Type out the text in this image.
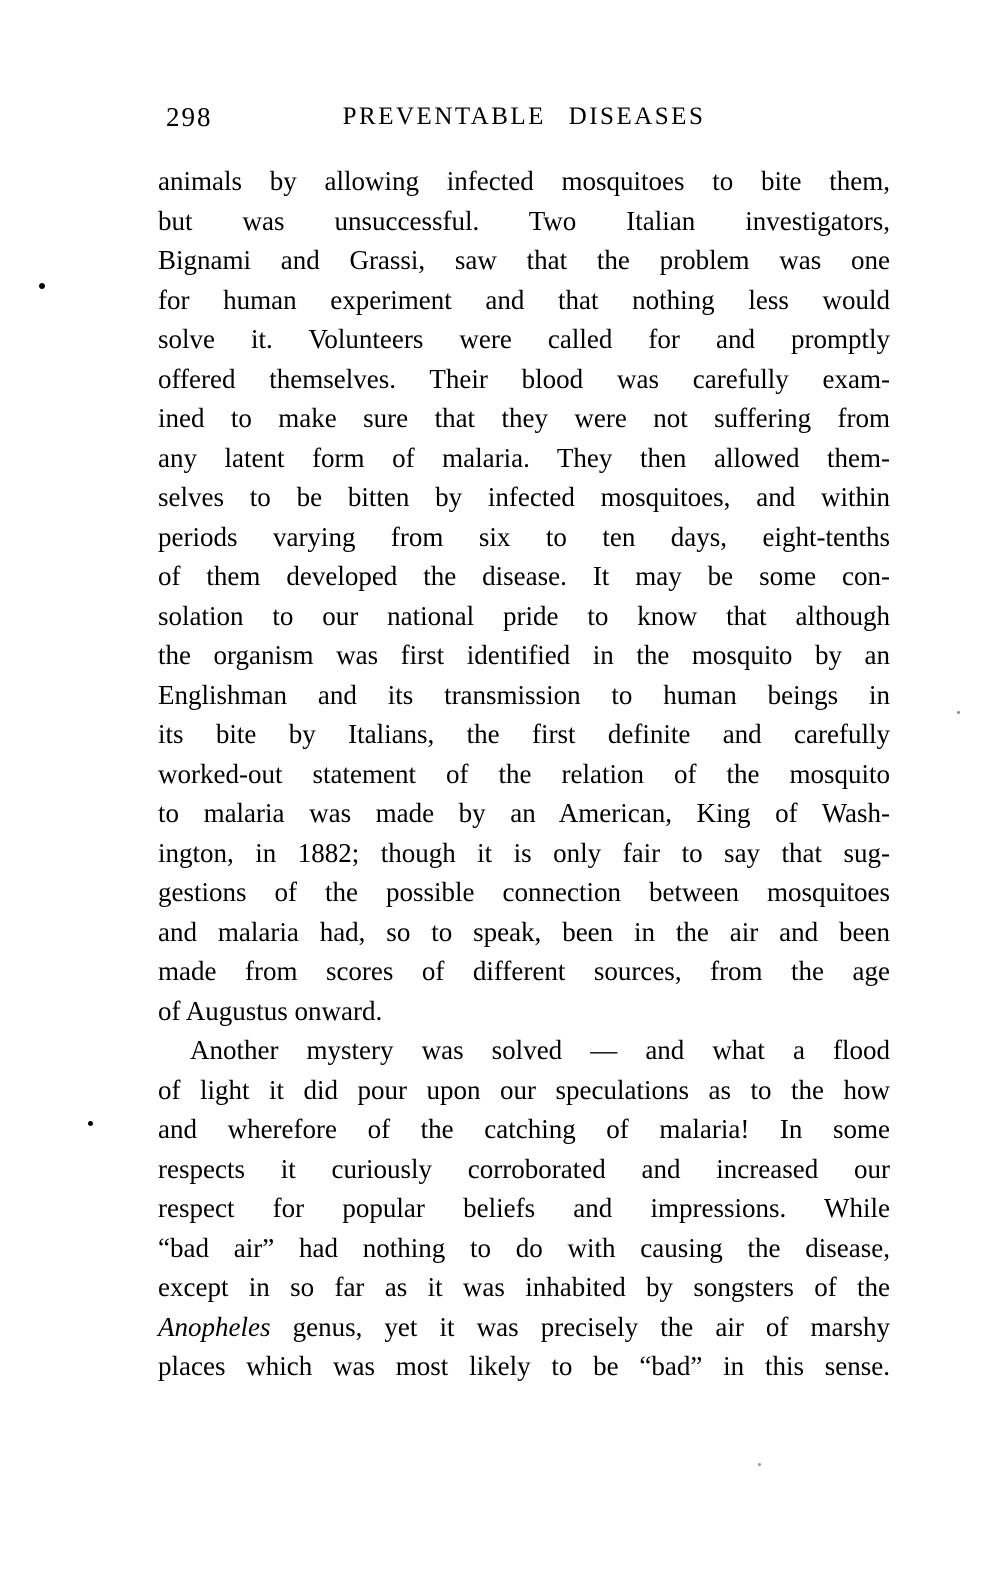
298	PREVENTABLE DISEASES
animals by allowing infected mosquitoes to bite them,
but was unsuccessful. Two Italian investigators,
Bignami and Grassi, saw that the problem was one
for human experiment and that nothing less would
solve it. Volunteers were called for and promptly
offered themselves. Their blood was carefully exam-
ined to make sure that they were not suffering from
any latent form of malaria. They then allowed them-
selves to be bitten by infected mosquitoes, and within
periods varying from six to ten days, eight-tenths
of them developed the disease. It may be some con-
solation to our national pride to know that although
the organism was first identified in the mosquito by an
Englishman and its transmission to human beings in
its bite by Italians, the first definite and carefully
worked-out statement of the relation of the mosquito
to malaria was made by an American, King of Wash-
ington, in 1882; though it is only fair to say that sug-
gestions of the possible connection between mosquitoes
and malaria had, so to speak, been in the air and been
made from scores of different sources, from the age
of Augustus onward.
Another mystery was solved — and what a flood
of light it did pour upon our speculations as to the how
and wherefore of the catching of malaria! In some
respects it curiously corroborated and increased our
respect for popular beliefs and impressions. While
“bad air” had nothing to do with causing the disease,
except in so far as it was inhabited by songsters of the
Anopheles genus, yet it was precisely the air of marshy
places which was most likely to be “bad” in this sense.
